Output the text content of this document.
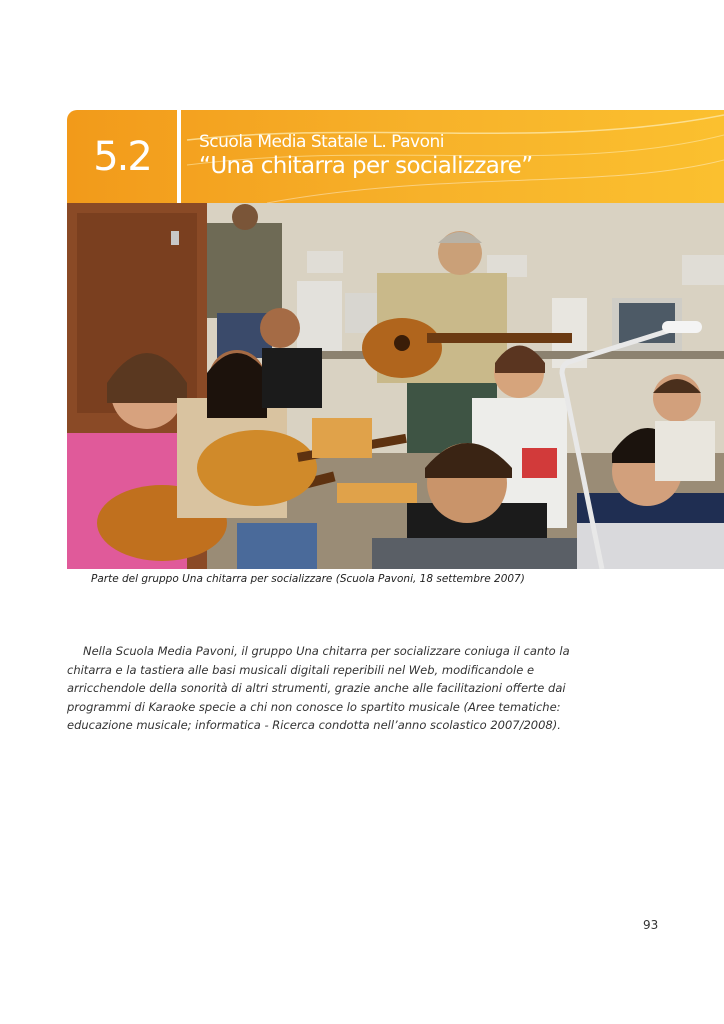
5.2	Scuola Media Statale L. Pavoni
“Una chitarra per socializzare”
Parte del gruppo Una chitarra per socializzare (Scuola Pavoni, 18 settembre 2007)

Nella Scuola Media Pavoni, il gruppo Una chitarra per socializzare coniuga il canto la chitarra e la tastiera alle basi musicali digitali reperibili nel Web, modificandole e arricchendole della sonorità di altri strumenti, grazie anche alle facilitazioni offerte dai programmi di Karaoke specie a chi non conosce lo spartito musicale (Aree tematiche: educazione musicale; informatica - Ricerca condotta nell’anno scolastico 2007/2008).

93
